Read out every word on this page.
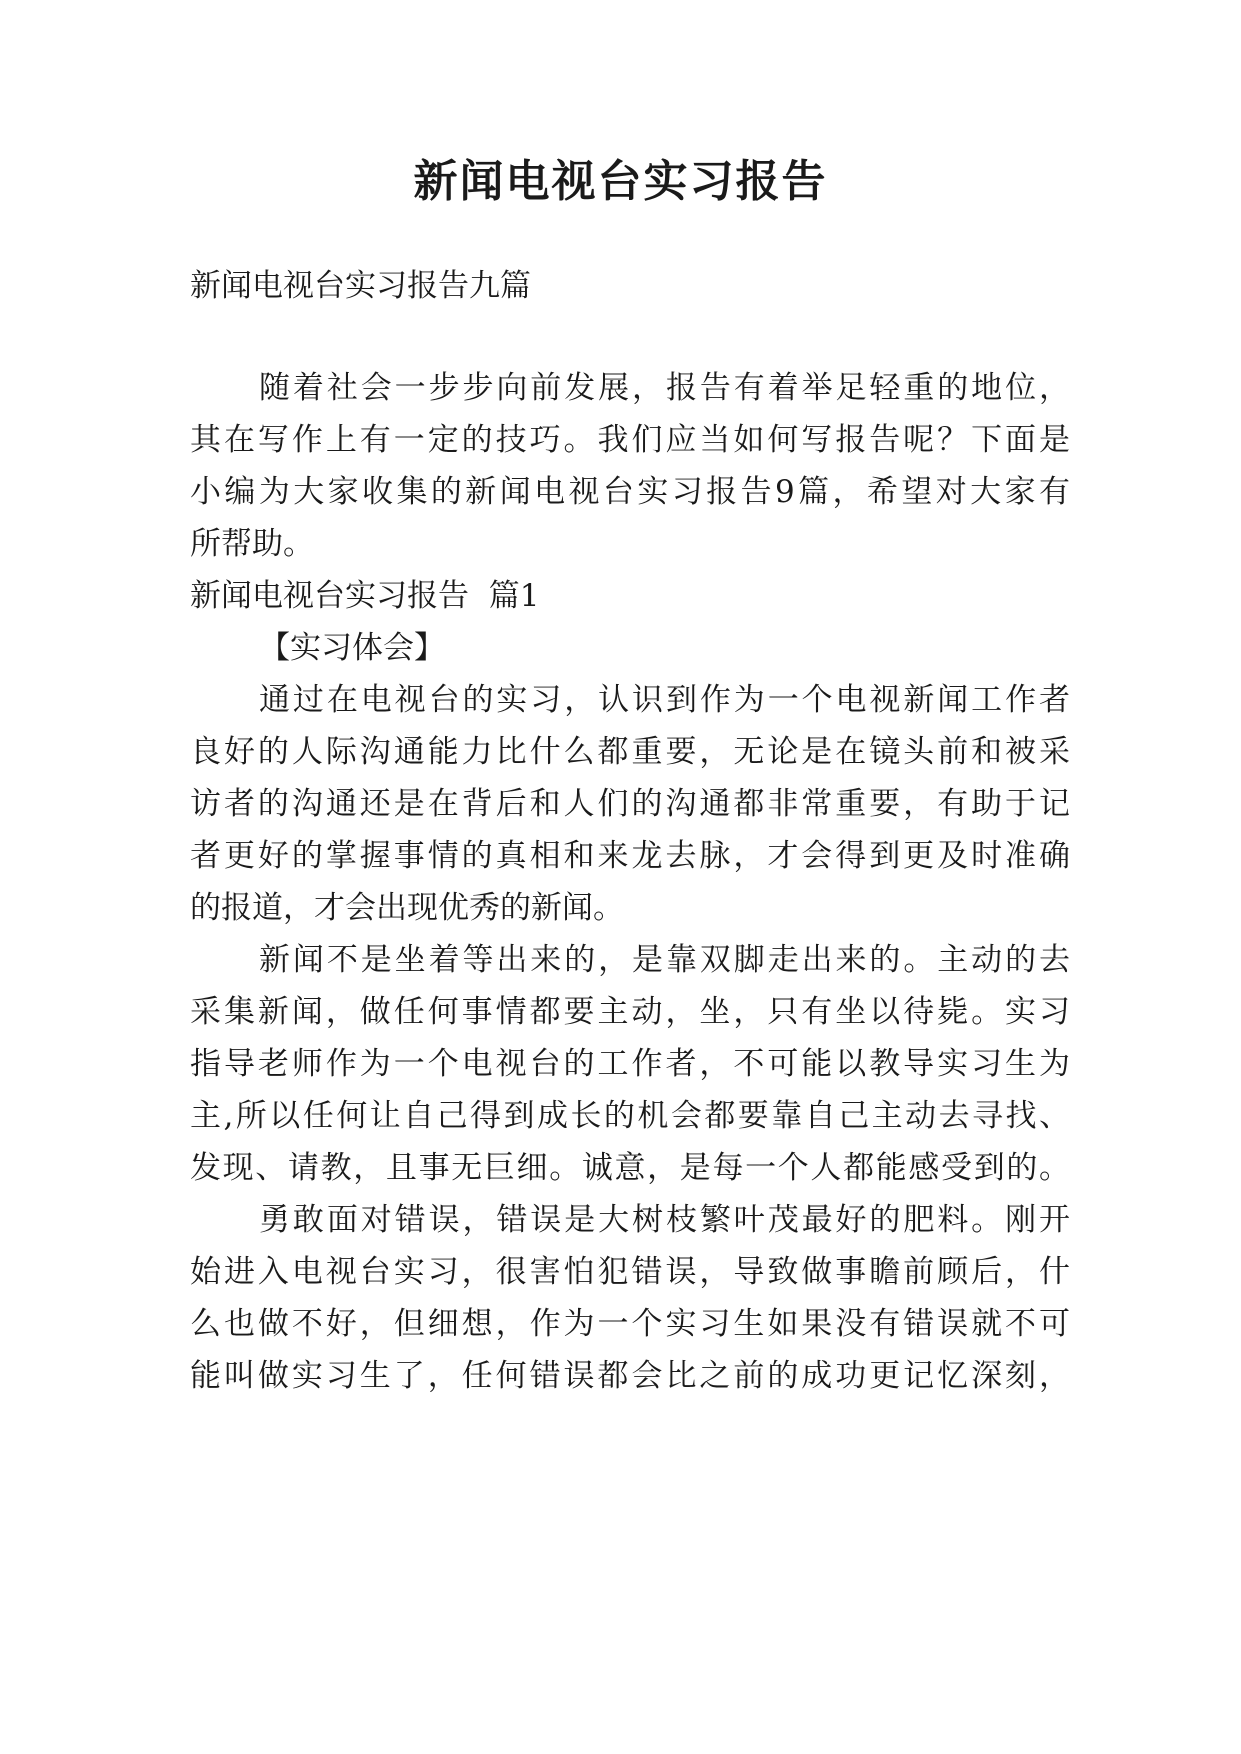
新闻电视台实习报告
新闻电视台实习报告九篇
随着社会一步步向前发展，报告有着举足轻重的地位，
其在写作上有一定的技巧。我们应当如何写报告呢？下面是
小编为大家收集的新闻电视台实习报告9篇，希望对大家有
所帮助。
新闻电视台实习报告  篇1
【实习体会】
通过在电视台的实习，认识到作为一个电视新闻工作者
良好的人际沟通能力比什么都重要，无论是在镜头前和被采
访者的沟通还是在背后和人们的沟通都非常重要，有助于记
者更好的掌握事情的真相和来龙去脉，才会得到更及时准确
的报道，才会出现优秀的新闻。
新闻不是坐着等出来的，是靠双脚走出来的。主动的去
采集新闻，做任何事情都要主动，坐，只有坐以待毙。实习
指导老师作为一个电视台的工作者，不可能以教导实习生为
主,所以任何让自己得到成长的机会都要靠自己主动去寻找、
发现、请教，且事无巨细。诚意，是每一个人都能感受到的。
勇敢面对错误，错误是大树枝繁叶茂最好的肥料。刚开
始进入电视台实习，很害怕犯错误，导致做事瞻前顾后，什
么也做不好，但细想，作为一个实习生如果没有错误就不可
能叫做实习生了，任何错误都会比之前的成功更记忆深刻，
